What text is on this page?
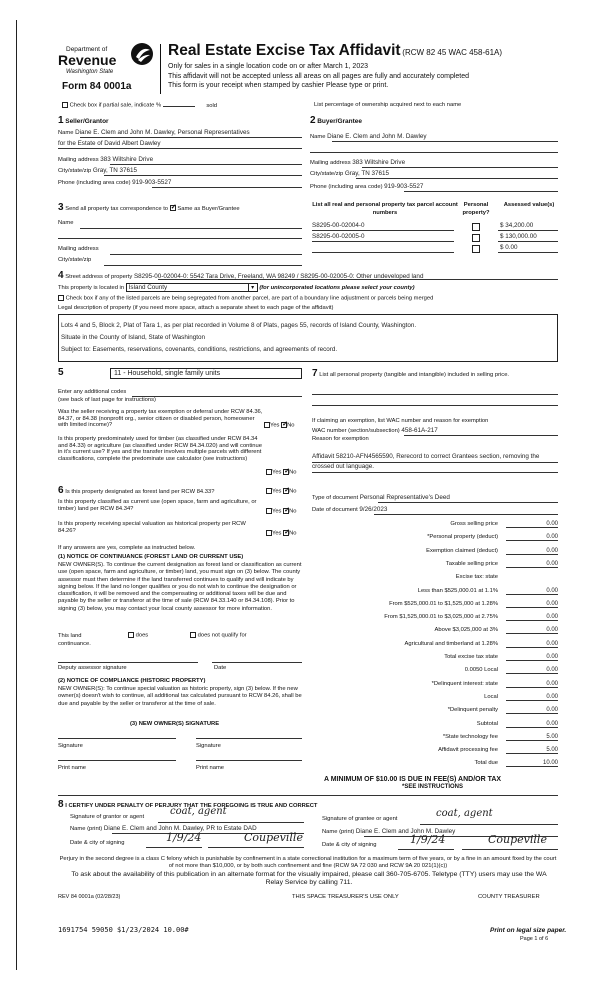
Department of
Revenue
Washington State
Form 84 0001a
Real Estate Excise Tax Affidavit (RCW 82 45 WAC 458-61A)
Only for sales in a single location code on or after March 1, 2023
This affidavit will not be accepted unless all areas on all pages are fully and accurately completed
This form is your receipt when stamped by cashier Please type or print.
Check box if partial sale, indicate %	sold	List percentage of ownership acquired next to each name
1 Seller/Grantor
Name Diane E. Clem and John M. Dawley, Personal Representatives
for the Estate of David Albert Dawley
Mailing address 383 Wiltshire Drive
City/state/zip Gray, TN 37615
Phone (including area code) 919-903-5527
2 Buyer/Grantee
Name Diane E. Clem and John M. Dawley
Mailing address 383 Wiltshire Drive
City/state/zip Gray, TN 37615
Phone (including area code) 919-903-5527
3 Send all property tax correspondence to ✓ Same as Buyer/Grantee
Name
Mailing address
City/state/zip
List all real and personal property tax parcel account numbers
Personal property?
Assessed value(s)
S8295-00-02004-0	$ 34,200.00
S8295-00-02005-0	$ 130,000.00
$ 0.00
4 Street address of property S8295-00-02004-0: 5542 Tara Drive, Freeland, WA 98249 / S8295-00-02005-0: Other undeveloped land
This property is located in Island County	▾ (for unincorporated locations please select your county)
Check box if any of the listed parcels are being segregated from another parcel, are part of a boundary line adjustment or parcels being merged
Legal description of property (if you need more space, attach a separate sheet to each page of the affidavit)
Lots 4 and 5, Block 2, Plat of Tara 1, as per plat recorded in Volume 8 of Plats, pages 55, records of Island County, Washington.
Situate in the County of Island, State of Washington
Subject to: Easements, reservations, covenants, conditions, restrictions, and agreements of record.
5	11 - Household, single family units
Enter any additional codes
(see back of last page for instructions)
Was the seller receiving a property tax exemption or deferral under RCW 84.36, 84.37, or 84.38 (nonprofit org., senior citizen or disabled person, homeowner with limited income)?	Yes ✓ No
Is this property predominately used for timber (as classified under RCW 84.34 and 84.33) or agriculture (as classified under RCW 84.34.020) and will continue in it's current use? If yes and the transfer involves multiple parcels with different classifications, complete the predominate use calculator (see instructions)
Yes ✓ No
6 Is this property designated as forest land per RCW 84.33?	Yes ✓ No
Is this property classified as current use (open space, farm and agriculture, or timber) land per RCW 84.34?	Yes ✓ No
Is this property receiving special valuation as historical property per RCW 84.26?	Yes ✓ No
If any answers are yes, complete as instructed below.
(1) NOTICE OF CONTINUANCE (FOREST LAND OR CURRENT USE)
NEW OWNER(S). To continue the current designation as forest land or classification as current use (open space, farm and agriculture, or timber) land, you must sign on (3) below. The county assessor must then determine if the land transferred continues to qualify and will indicate by signing below. If the land no longer qualifies or you do not wish to continue the designation or classification, it will be removed and the compensating or additional taxes will be due and payable by the seller or transferor at the time of sale (RCW 84.33.140 or 84.34.108). Prior to signing (3) below, you may contact your local county assessor for more information.
This land	does	does not qualify for
continuance.
Deputy assessor signature	Date
(2) NOTICE OF COMPLIANCE (HISTORIC PROPERTY)
NEW OWNER(S): To continue special valuation as historic property, sign (3) below. If the new owner(s) doesn't wish to continue, all additional tax calculated pursuant to RCW 84.26, shall be due and payable by the seller or transferor at the time of sale.
(3) NEW OWNER(S) SIGNATURE
Signature	Signature
Print name	Print name
7 List all personal property (tangible and intangible) included in selling price.
If claiming an exemption, list WAC number and reason for exemption
WAC number (section/subsection) 458-61A-217
Reason for exemption
Affidavit 58210-AFN4565590, Rerecord to correct Grantees section, removing the crossed out language.
Type of document Personal Representative's Deed
Date of document 9/26/2023
Gross selling price	0.00
*Personal property (deduct)	0.00
Exemption claimed (deduct)	0.00
Taxable selling price	0.00
Excise tax: state
Less than $525,000.01 at 1.1%	0.00
From $525,000.01 to $1,525,000 at 1.28%	0.00
From $1,525,000.01 to $3,025,000 at 2.75%	0.00
Above $3,025,000 at 3%	0.00
Agricultural and timberland at 1.28%	0.00
Total excise tax state	0.00
0.0050 Local	0.00
*Delinquent interest: state	0.00
Local	0.00
*Delinquent penalty	0.00
Subtotal	0.00
*State technology fee	5.00
Affidavit processing fee	5.00
Total due	10.00
A MINIMUM OF $10.00 IS DUE IN FEE(S) AND/OR TAX
*SEE INSTRUCTIONS
8 I CERTIFY UNDER PENALTY OF PERJURY THAT THE FOREGOING IS TRUE AND CORRECT
Signature of grantor or agent	coat, agent
Name (print) Diane E. Clem and John M. Dawley, PR to Estate DAD
Date & city of signing	1/9/24	Coupeville
Signature of grantee or agent	coat, agent
Name (print) Diane E. Clem and John M. Dawley
Date & city of signing	1/9/24	Coupeville
Perjury in the second degree is a class C felony which is punishable by confinement in a state correctional institution for a maximum term of five years, or by a fine in an amount fixed by the court of not more than $10,000, or by both such confinement and fine (RCW 9A 72 030 and RCW 9A 20 021(1)(c))
To ask about the availability of this publication in an alternate format for the visually impaired, please call 360-705-6705. Teletype (TTY) users may use the WA Relay Service by calling 711.
REV 84 0001a (02/28/23)	THIS SPACE TREASURER'S USE ONLY	COUNTY TREASURER
1691754 59050 $1/23/2024 10.00#	Print on legal size paper.
Page 1 of 6
